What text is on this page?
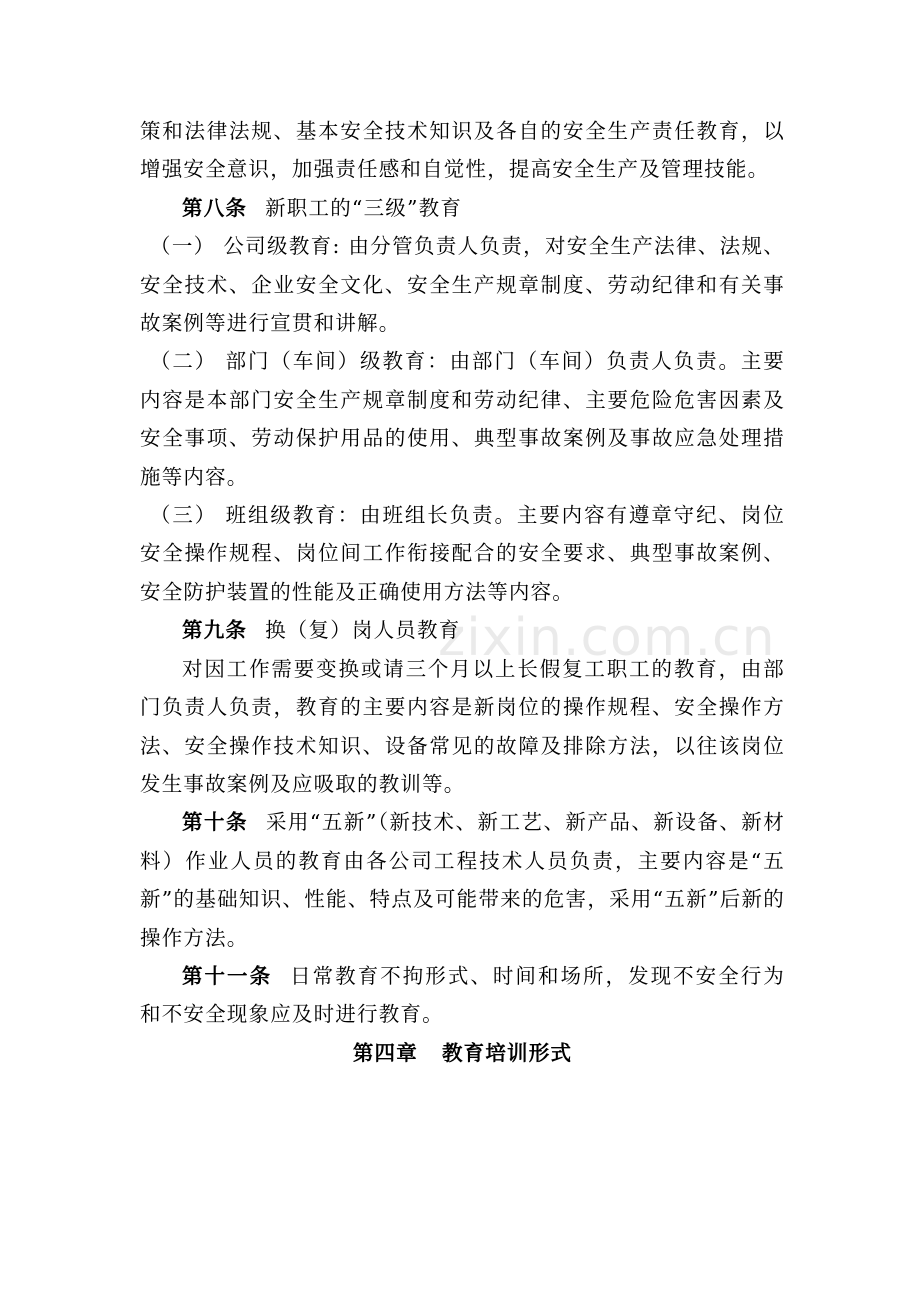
策和法律法规、基本安全技术知识及各自的安全生产责任教育，以增强安全意识，加强责任感和自觉性，提高安全生产及管理技能。

第八条 新职工的“三级”教育

（一） 公司级教育: 由分管负责人负责，对安全生产法律、法规、安全技术、企业安全文化、安全生产规章制度、劳动纪律和有关事故案例等进行宣贯和讲解。

（二） 部门（车间）级教育：由部门（车间）负责人负责。主要内容是本部门安全生产规章制度和劳动纪律、主要危险危害因素及安全事项、劳动保护用品的使用、典型事故案例及事故应急处理措施等内容。

（三） 班组级教育：由班组长负责。主要内容有遵章守纪、岗位安全操作规程、岗位间工作衔接配合的安全要求、典型事故案例、安全防护装置的性能及正确使用方法等内容。

第九条 换（复）岗人员教育

对因工作需要变换或请三个月以上长假复工职工的教育，由部门负责人负责，教育的主要内容是新岗位的操作规程、安全操作方法、安全操作技术知识、设备常见的故障及排除方法，以往该岗位发生事故案例及应吸取的教训等。

第十条 采用“五新”（新技术、新工艺、新产品、新设备、新材料）作业人员的教育由各公司工程技术人员负责，主要内容是“五新”的基础知识、性能、特点及可能带来的危害，采用“五新”后新的操作方法。

第十一条 日常教育不拘形式、时间和场所，发现不安全行为和不安全现象应及时进行教育。

第四章 教育培训形式

zixin.com.cn
